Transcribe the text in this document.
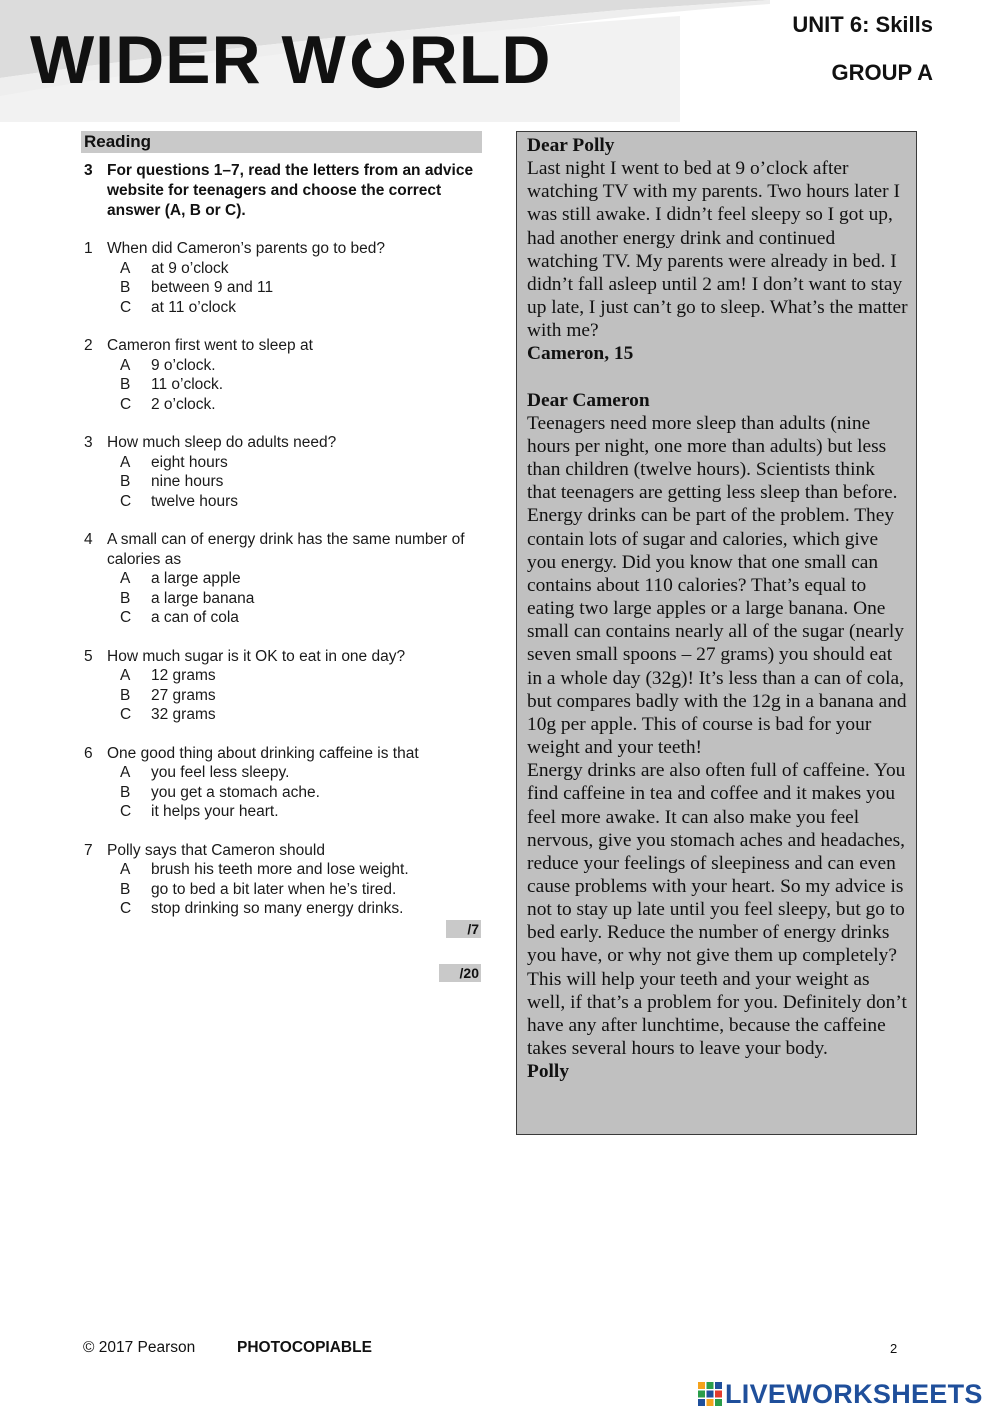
WIDER W RLD	UNIT 6: Skills
GROUP A
Reading
3 For questions 1–7, read the letters from an advice website for teenagers and choose the correct answer (A, B or C).
1 When did Cameron’s parents go to bed?
A at 9 o’clock
B between 9 and 11
C at 11 o’clock
2 Cameron first went to sleep at
A 9 o’clock.
B 11 o’clock.
C 2 o’clock.
3 How much sleep do adults need?
A eight hours
B nine hours
C twelve hours
4 A small can of energy drink has the same number of calories as
A a large apple
B a large banana
C a can of cola
5 How much sugar is it OK to eat in one day?
A 12 grams
B 27 grams
C 32 grams
6 One good thing about drinking caffeine is that
A you feel less sleepy.
B you get a stomach ache.
C it helps your heart.
7 Polly says that Cameron should
A brush his teeth more and lose weight.
B go to bed a bit later when he’s tired.
C stop drinking so many energy drinks.
/7
/20

Dear Polly

Last night I went to bed at 9 o’clock after watching TV with my parents. Two hours later I was still awake. I didn’t feel sleepy so I got up, had another energy drink and continued watching TV. My parents were already in bed. I didn’t fall asleep until 2 am! I don’t want to stay up late, I just can’t go to sleep. What’s the matter with me?

Cameron, 15

Dear Cameron

Teenagers need more sleep than adults (nine hours per night, one more than adults) but less than children (twelve hours). Scientists think that teenagers are getting less sleep than before. Energy drinks can be part of the problem. They contain lots of sugar and calories, which give you energy. Did you know that one small can contains about 110 calories? That’s equal to eating two large apples or a large banana. One small can contains nearly all of the sugar (nearly seven small spoons – 27 grams) you should eat in a whole day (32g)! It’s less than a can of cola, but compares badly with the 12g in a banana and 10g per apple. This of course is bad for your weight and your teeth!

Energy drinks are also often full of caffeine. You find caffeine in tea and coffee and it makes you feel more awake. It can also make you feel nervous, give you stomach aches and headaches, reduce your feelings of sleepiness and can even cause problems with your heart. So my advice is not to stay up late until you feel sleepy, but go to bed early. Reduce the number of energy drinks you have, or why not give them up completely? This will help your teeth and your weight as well, if that’s a problem for you. Definitely don’t have any after lunchtime, because the caffeine takes several hours to leave your body.

Polly

© 2017 Pearson	PHOTOCOPIABLE	2
LIVEWORKSHEETS
